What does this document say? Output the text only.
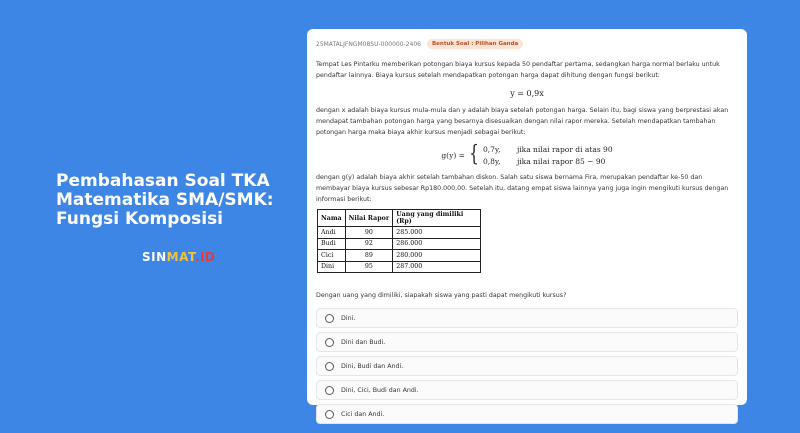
Pembahasan Soal TKA Matematika SMA/SMK: Fungsi Komposisi
SINMAT.ID
25MATALJFNGM08SU-000000-2406	Bentuk Soal : Pilihan Ganda

Tempat Les Pintarku memberikan potongan biaya kursus kepada 50 pendaftar pertama, sedangkan harga normal berlaku untuk pendaftar lainnya. Biaya kursus setelah mendapatkan potongan harga dapat dihitung dengan fungsi berikut:

y = 0,9x

dengan x adalah biaya kursus mula-mula dan y adalah biaya setelah potongan harga. Selain itu, bagi siswa yang berprestasi akan mendapat tambahan potongan harga yang besarnya disesuaikan dengan nilai rapor mereka. Setelah mendapatkan tambahan potongan harga maka biaya akhir kursus menjadi sebagai berikut:

g(y) = { 0,7y,	jika nilai rapor di atas 90
0,8y,	jika nilai rapor 85 − 90

dengan g(y) adalah biaya akhir setelah tambahan diskon. Salah satu siswa bernama Fira, merupakan pendaftar ke-50 dan membayar biaya kursus sebesar Rp180.000,00. Setelah itu, datang empat siswa lainnya yang juga ingin mengikuti kursus dengan informasi berikut:

Nama	Nilai Rapor	Uang yang dimiliki (Rp)
Andi	90	285.000
Budi	92	286.000
Cici	89	280.000
Dini	95	287.000

Dengan uang yang dimiliki, siapakah siswa yang pasti dapat mengikuti kursus?

Dini.
Dini dan Budi.
Dini, Budi dan Andi.
Dini, Cici, Budi dan Andi.
Cici dan Andi.
